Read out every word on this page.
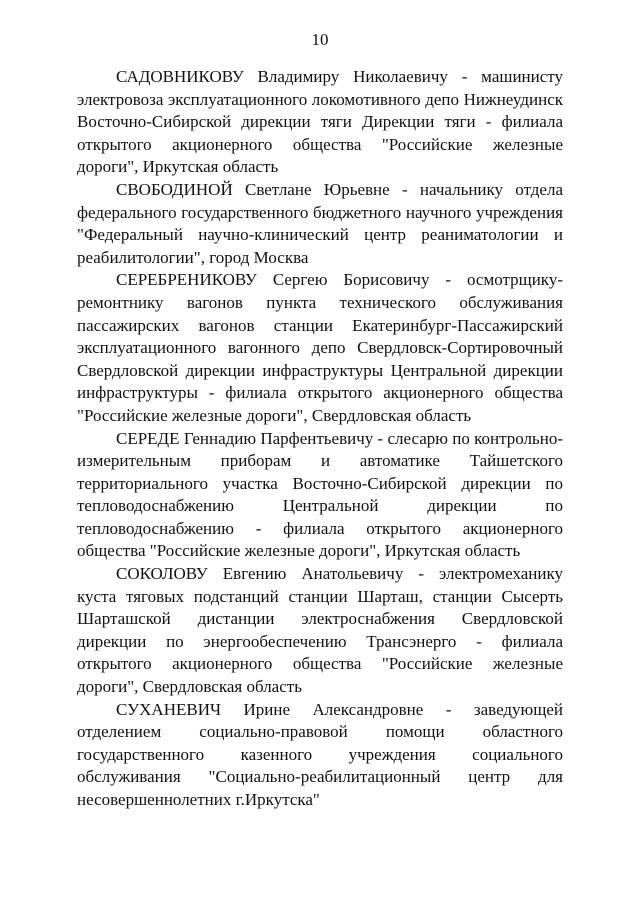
10

САДОВНИКОВУ Владимиру Николаевичу - машинисту электровоза эксплуатационного локомотивного депо Нижнеудинск Восточно-Сибирской дирекции тяги Дирекции тяги - филиала открытого акционерного общества "Российские железные дороги", Иркутская область

СВОБОДИНОЙ Светлане Юрьевне - начальнику отдела федерального государственного бюджетного научного учреждения "Федеральный научно-клинический центр реаниматологии и реабилитологии", город Москва

СЕРЕБРЕНИКОВУ Сергею Борисовичу - осмотрщику-ремонтнику вагонов пункта технического обслуживания пассажирских вагонов станции Екатеринбург-Пассажирский эксплуатационного вагонного депо Свердловск-Сортировочный Свердловской дирекции инфраструктуры Центральной дирекции инфраструктуры - филиала открытого акционерного общества "Российские железные дороги", Свердловская область

СЕРЕДЕ Геннадию Парфентьевичу - слесарю по контрольно-измерительным приборам и автоматике Тайшетского территориального участка Восточно-Сибирской дирекции по тепловодоснабжению Центральной дирекции по тепловодоснабжению - филиала открытого акционерного общества "Российские железные дороги", Иркутская область

СОКОЛОВУ Евгению Анатольевичу - электромеханику куста тяговых подстанций станции Шарташ, станции Сысерть Шарташской дистанции электроснабжения Свердловской дирекции по энергообеспечению Трансэнерго - филиала открытого акционерного общества "Российские железные дороги", Свердловская область

СУХАНЕВИЧ Ирине Александровне - заведующей отделением социально-правовой помощи областного государственного казенного учреждения социального обслуживания "Социально-реабилитационный центр для несовершеннолетних г.Иркутска"
